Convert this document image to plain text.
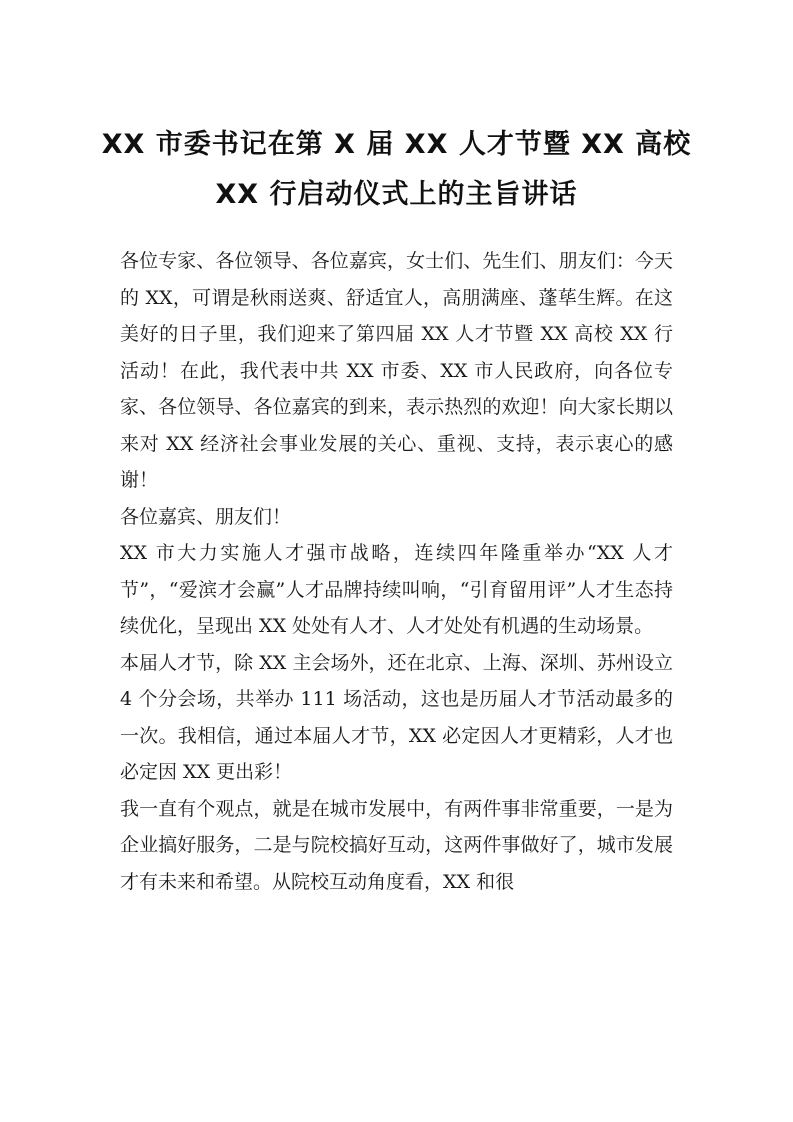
XX 市委书记在第 X 届 XX 人才节暨 XX 高校
XX 行启动仪式上的主旨讲话

各位专家、各位领导、各位嘉宾，女士们、先生们、朋友们：今天的 XX，可谓是秋雨送爽、舒适宜人，高朋满座、蓬荜生辉。在这美好的日子里，我们迎来了第四届 XX 人才节暨 XX 高校 XX 行活动！在此，我代表中共 XX 市委、XX 市人民政府，向各位专家、各位领导、各位嘉宾的到来，表示热烈的欢迎！向大家长期以来对 XX 经济社会事业发展的关心、重视、支持，表示衷心的感谢！

各位嘉宾、朋友们！

XX 市大力实施人才强市战略，连续四年隆重举办“XX 人才节”，“爱滨才会赢”人才品牌持续叫响，“引育留用评”人才生态持续优化，呈现出 XX 处处有人才、人才处处有机遇的生动场景。

本届人才节，除 XX 主会场外，还在北京、上海、深圳、苏州设立 4 个分会场，共举办 111 场活动，这也是历届人才节活动最多的一次。我相信，通过本届人才节，XX 必定因人才更精彩，人才也必定因 XX 更出彩！

我一直有个观点，就是在城市发展中，有两件事非常重要，一是为企业搞好服务，二是与院校搞好互动，这两件事做好了，城市发展才有未来和希望。从院校互动角度看，XX 和很
